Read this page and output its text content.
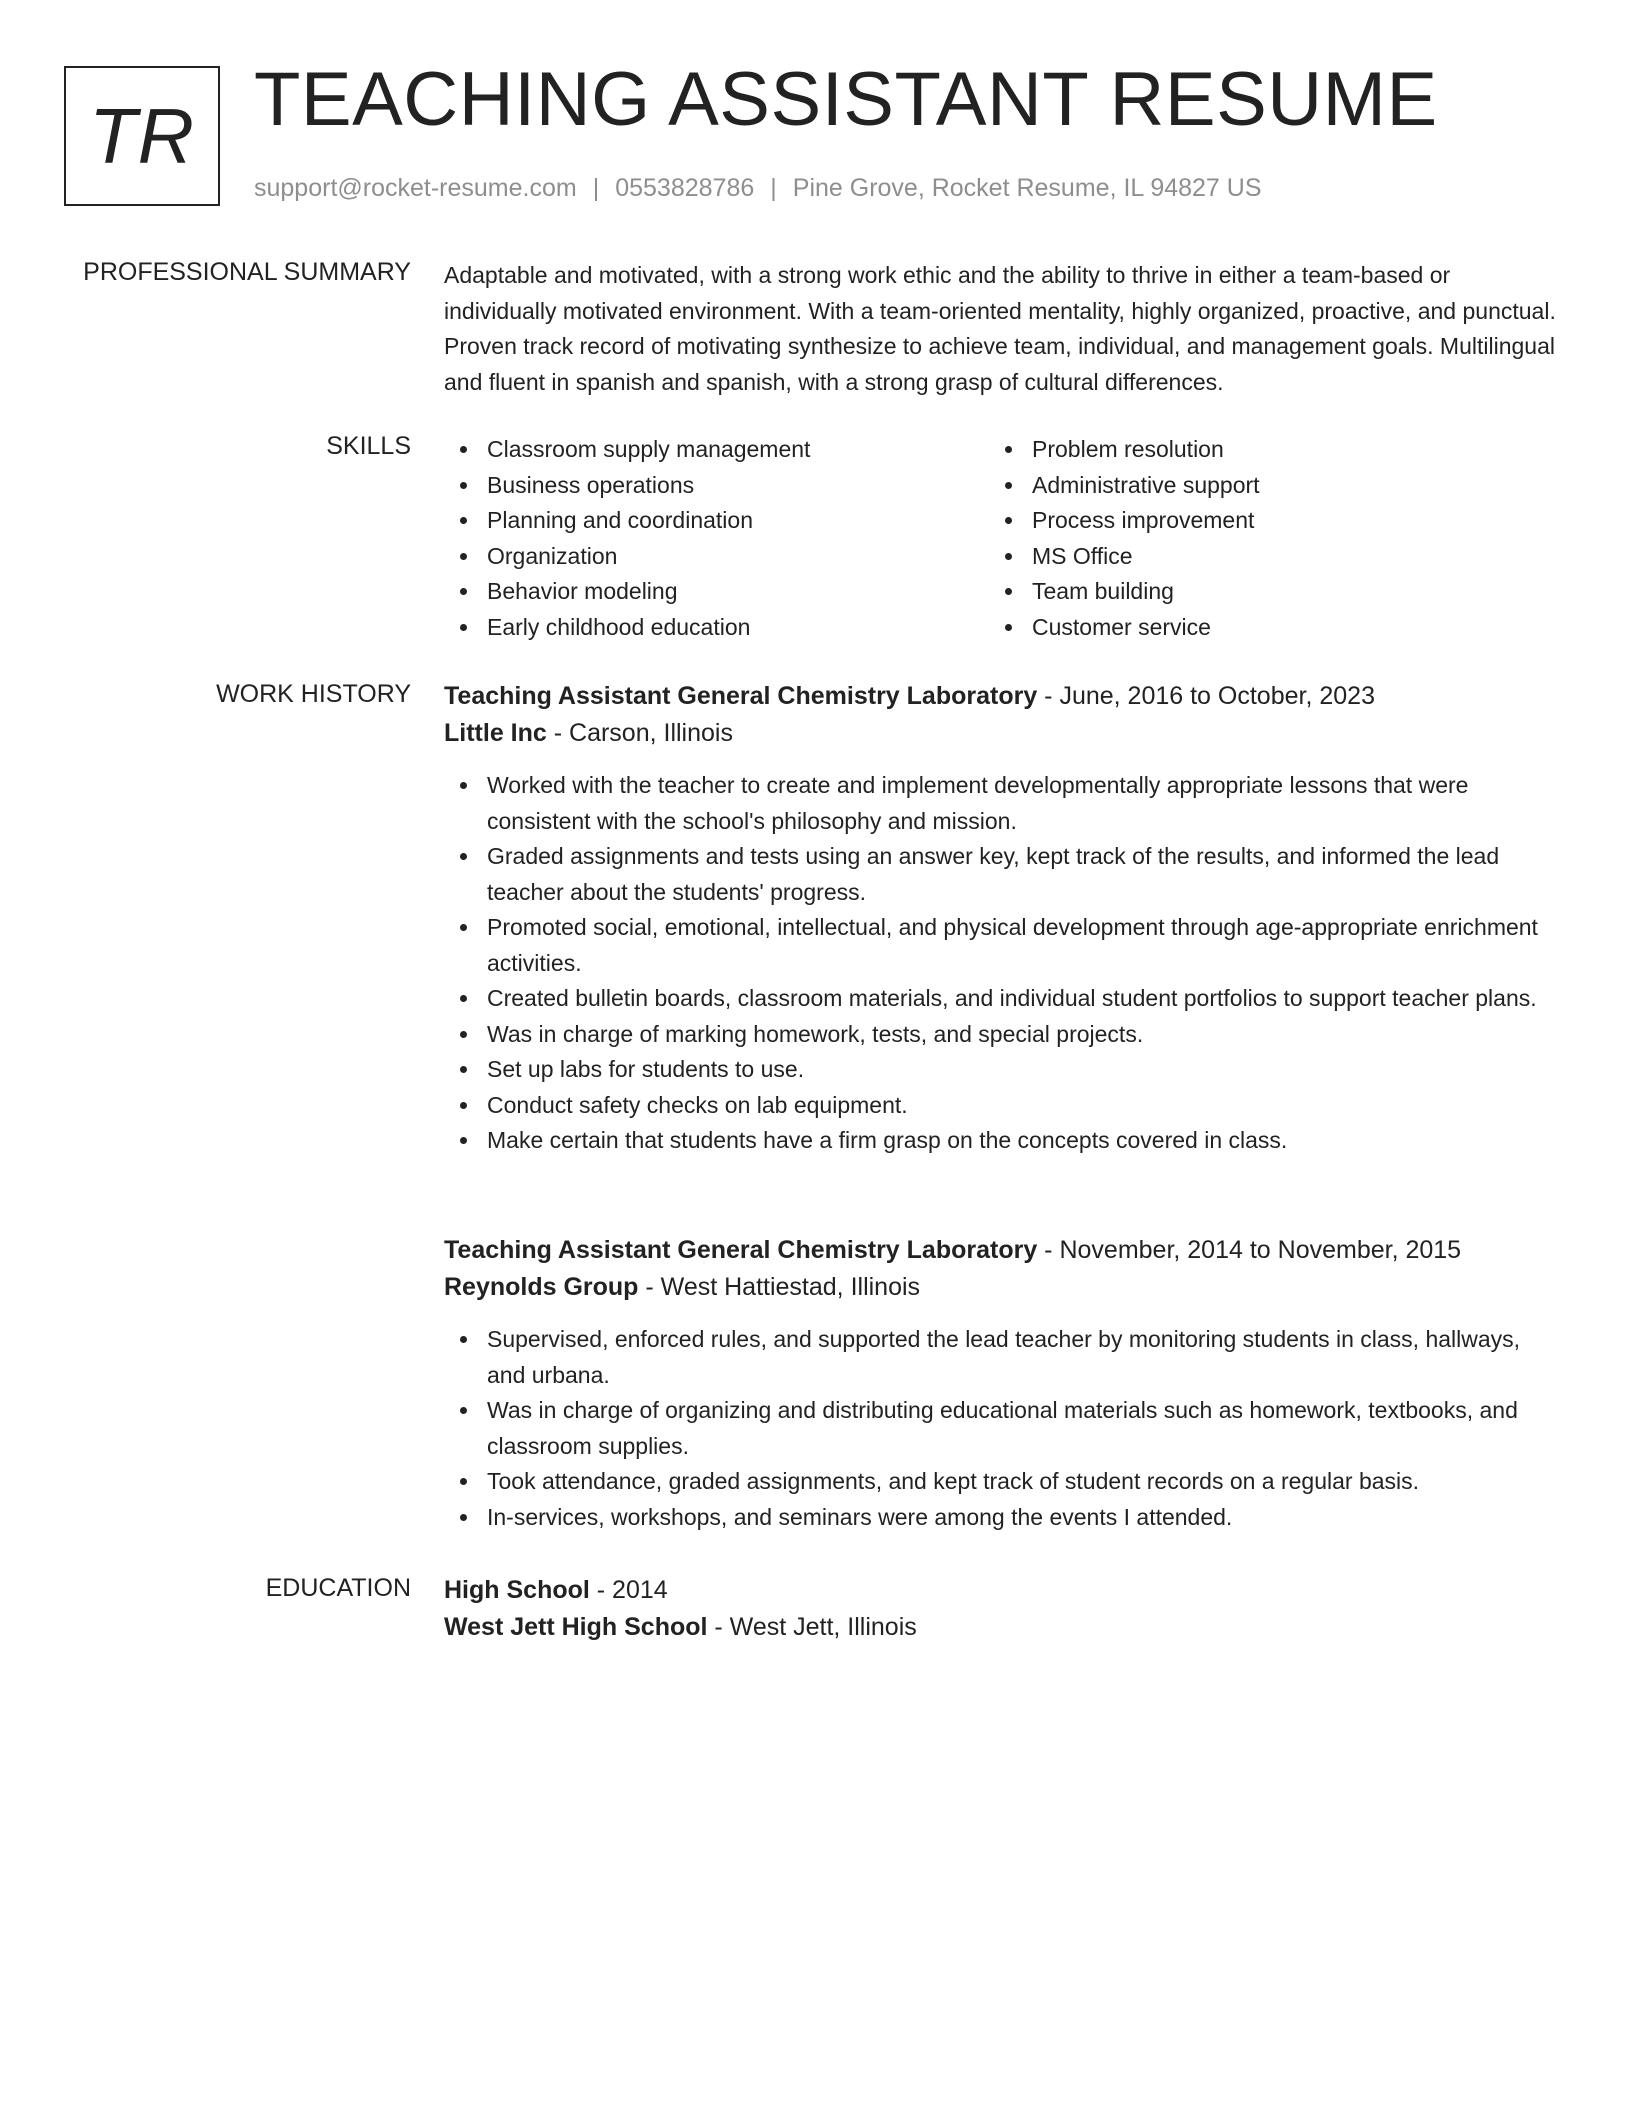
TR TEACHING ASSISTANT RESUME
support@rocket-resume.com | 0553828786 | Pine Grove, Rocket Resume, IL 94827 US
PROFESSIONAL SUMMARY Adaptable and motivated, with a strong work ethic and the ability to thrive in either a team-based or individually motivated environment. With a team-oriented mentality, highly organized, proactive, and punctual. Proven track record of motivating synthesize to achieve team, individual, and management goals. Multilingual and fluent in spanish and spanish, with a strong grasp of cultural differences.

SKILLS	Classroom supply management
Business operations
Planning and coordination
Organization
Behavior modeling
Early childhood education
Problem resolution
Administrative support
Process improvement
MS Office
Team building
Customer service
WORK HISTORY Teaching Assistant General Chemistry Laboratory - June, 2016 to October, 2023
Little Inc - Carson, Illinois
Worked with the teacher to create and implement developmentally appropriate lessons that were consistent with the school's philosophy and mission.
Graded assignments and tests using an answer key, kept track of the results, and informed the lead teacher about the students' progress.
Promoted social, emotional, intellectual, and physical development through age-appropriate enrichment activities.
Created bulletin boards, classroom materials, and individual student portfolios to support teacher plans.
Was in charge of marking homework, tests, and special projects.
Set up labs for students to use.
Conduct safety checks on lab equipment.
Make certain that students have a firm grasp on the concepts covered in class.
Teaching Assistant General Chemistry Laboratory - November, 2014 to November, 2015
Reynolds Group - West Hattiestad, Illinois
Supervised, enforced rules, and supported the lead teacher by monitoring students in class, hallways, and urbana.
Was in charge of organizing and distributing educational materials such as homework, textbooks, and classroom supplies.
Took attendance, graded assignments, and kept track of student records on a regular basis.
In-services, workshops, and seminars were among the events I attended.
EDUCATION High School - 2014
West Jett High School - West Jett, Illinois
